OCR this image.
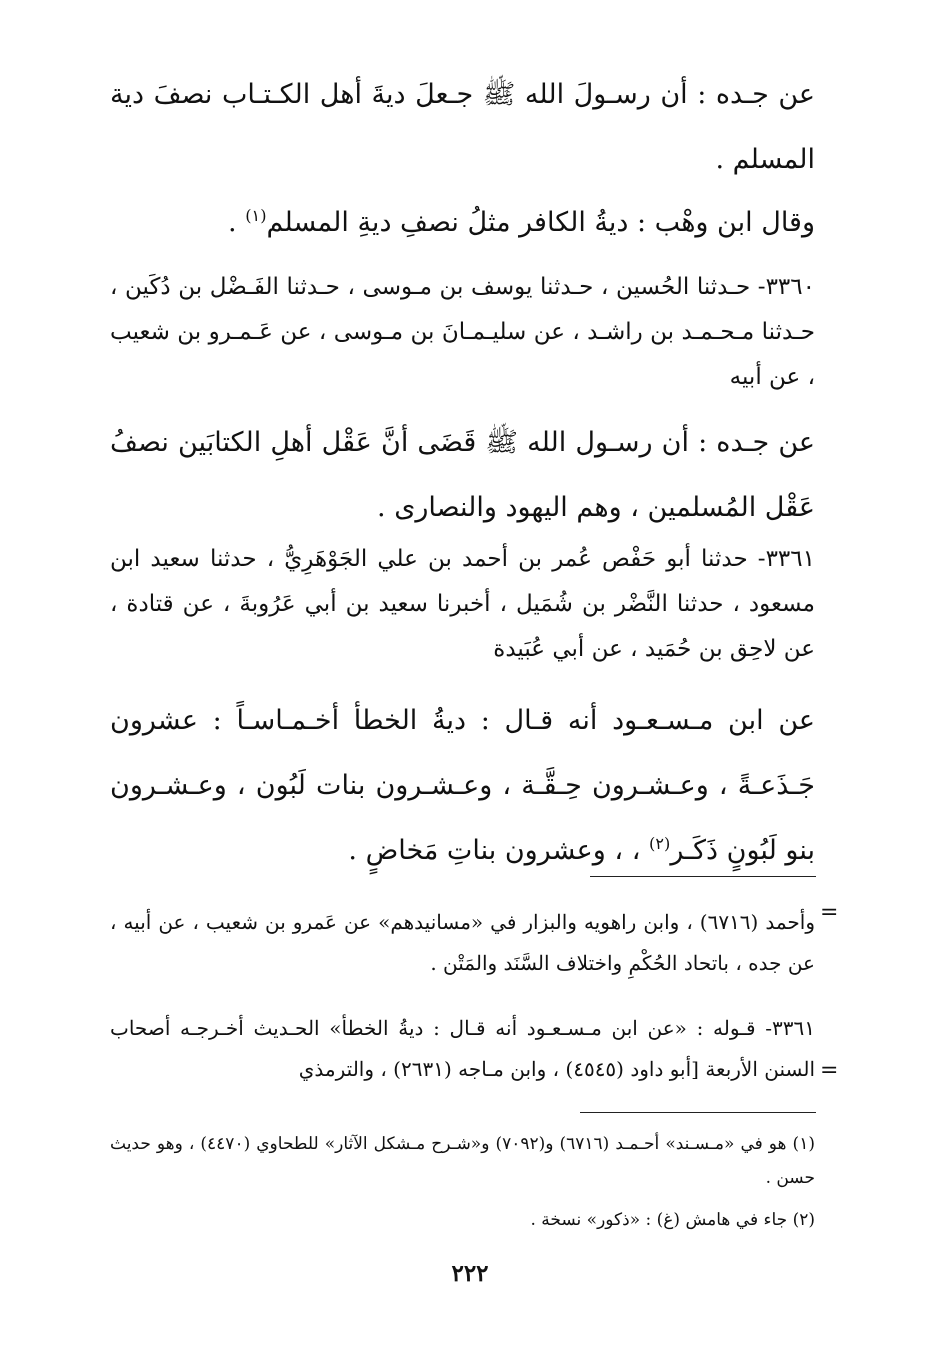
عن جـده : أن رسـولَ الله ﷺ جـعلَ ديةَ أهل الكـتـاب نصفَ دية المسلم .
وقال ابن وهْب : ديةُ الكافر مثلُ نصفِ ديةِ المسلم$^{(١)}$ .
٣٣٦٠- حـدثنا الحُسين ، حـدثنا يوسف بن مـوسى ، حـدثنا الفَـضْل بن دُكَين ، حـدثنا مـحـمـد بن راشـد ، عن سليـمـانَ بن مـوسى ، عن عَـمـرو بن شعيب ، عن أبيه
عن جـده : أن رسـول الله ﷺ قَضَى أنَّ عَقْل أهلِ الكتابَين نصفُ عَقْل المُسلمين ، وهم اليهود والنصارى .
٣٣٦١- حدثنا أبو حَفْص عُمر بن أحمد بن علي الجَوْهَرِيُّ ، حدثنا سعيد ابن مسعود ، حدثنا النَّضْر بن شُمَيل ، أخبرنا سعيد بن أبي عَرُوبةَ ، عن قتادة ، عن لاحِق بن حُمَيد ، عن أبي عُبَيدة
عن ابن مـسـعـود أنه قـال : ديةُ الخطأ أخـمـاسـاً : عشرون جَـذَعـةً ، وعـشـرون حِـقَّـة ، وعـشـرون بنات لَبُون ، وعـشـرون بنو لَبُونٍ ذَكَـر$^{(٢)}$ ، ، وعشرون بناتِ مَخاضٍ .
=
وأحمد (٦٧١٦) ، وابن راهويه والبزار في «مسانيدهم» عن عَمرو بن شعيب ، عن أبيه ، عن جده ، باتحاد الحُكْمِ واختلاف السَّنَد والمَتْن .
٣٣٦١- قـوله : «عن ابن مـسـعـود أنه قـال : ديةُ الخطأ» الحـديث أخـرجـه أصحاب السنن الأربعة [أبو داود (٤٥٤٥) ، وابن مـاجه (٢٦٣١) ، والترمذي =
(١) هو في «مـسـند» أحـمـد (٦٧١٦) و(٧٠٩٢) و«شـرح مـشكل الآثار» للطحاوي (٤٤٧٠) ، وهو حديث حسن .
(٢) جاء في هامش (غ) : «ذكور» نسخة .
٢٢٢
